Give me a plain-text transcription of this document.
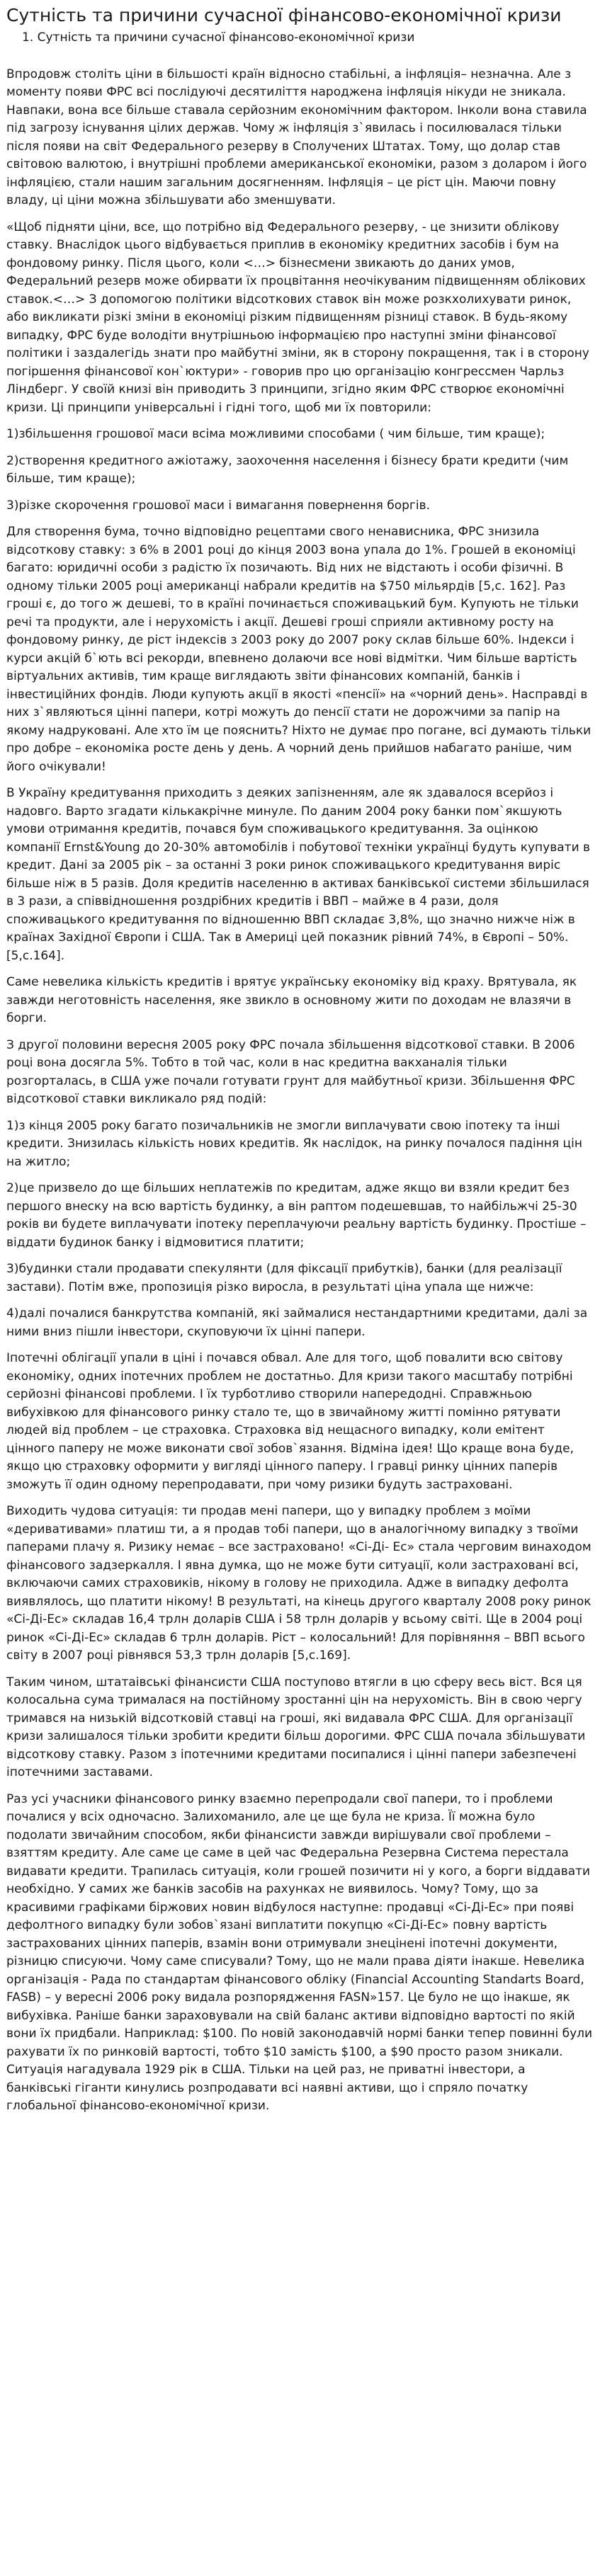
Сутність та причини сучасної фінансово-економічної кризи
1. Сутність та причини сучасної фінансово-економічної кризи

Впродовж століть ціни в більшості країн відносно стабільні, а інфляція– незначна. Але з моменту появи ФРС всі послідуючі десятиліття народжена інфляція нікуди не зникала. Навпаки, вона все більше ставала серйозним економічним фактором. Інколи вона ставила під загрозу існування цілих держав. Чому ж інфляція з`явилась і посилювалася тільки після появи на світ Федерального резерву в Сполучених Штатах. Тому, що долар став світовою валютою, і внутрішні проблеми американської економіки, разом з доларом і його інфляцією, стали нашим загальним досягненням. Інфляція – це ріст цін. Маючи повну владу, ці ціни можна збільшувати або зменшувати.

«Щоб підняти ціни, все, що потрібно від Федерального резерву, - це знизити облікову ставку. Внаслідок цього відбувається приплив в економіку кредитних засобів і бум на фондовому ринку. Після цього, коли <…> бізнесмени звикають до даних умов, Федеральний резерв може обирвати їх процвітання неочікуваним підвищенням облікових ставок.<…> З допомогою політики відсоткових ставок він може розкхолихувати ринок, або викликати різкі зміни в економіці різким підвищенням різниці ставок. В будь-якому випадку, ФРС буде володіти внутрішньою інформацією про наступні зміни фінансової політики і заздалегідь знати про майбутні зміни, як в сторону покращення, так і в сторону погіршення фінансової кон`юктури» - говорив про цю організацію конгрессмен Чарльз Ліндберг. У своїй книзі він приводить 3 принципи, згідно яким ФРС створює економічні кризи. Ці принципи універсальні і гідні того, щоб ми їх повторили:

1)збільшення грошової маси всіма можливими способами ( чим більше, тим краще);

2)створення кредитного ажіотажу, заохочення населення і бізнесу брати кредити (чим більше, тим краще);

3)різке скорочення грошової маси і вимагання повернення боргів.

Для створення бума, точно відповідно рецептами свого ненависника, ФРС знизила відсоткову ставку: з 6% в 2001 році до кінця 2003 вона упала до 1%. Грошей в економіці багато: юридичні особи з радістю їх позичають. Від них не відстають і особи фізичні. В одному тільки 2005 році американці набрали кредитів на $750 мільярдів [5,с. 162]. Раз гроші є, до того ж дешеві, то в країні починається споживацький бум. Купують не тільки речі та продукти, але і нерухомість і акції. Дешеві гроші сприяли активному росту на фондовому ринку, де ріст індексів з 2003 року до 2007 року склав більше 60%. Індекси і курси акцій б`ють всі рекорди, впевнено долаючи все нові відмітки. Чим більше вартість віртуальних активів, тим краще виглядають звіти фінансових компаній, банків і інвестиційних фондів. Люди купують акції в якості «пенсії» на «чорний день». Насправді в них з`являються цінні папери, котрі можуть до пенсії стати не дорожчими за папір на якому надруковані. Але хто їм це пояснить? Ніхто не думає про погане, всі думають тільки про добре – економіка росте день у день. А чорний день прийшов набагато раніше, чим його очікували!

В Україну кредитування приходить з деяких запізненням, але як здавалося всерйоз і надовго. Варто згадати кількакрічне минуле. По даним 2004 року банки пом`якшують умови отримання кредитів, почався бум споживацького кредитування. За оцінкою компанії Ernst&Young до 20-30% автомобілів і побутової техніки українці будуть купувати в кредит. Дані за 2005 рік – за останні 3 роки ринок споживацького кредитування виріс більше ніж в 5 разів. Доля кредитів населенню в активах банківської системи збільшилася в 3 рази, а співвідношення роздрібних кредитів і ВВП – майже в 4 рази, доля споживацького кредитування по відношенню ВВП складає 3,8%, що значно нижче ніж в країнах Західної Європи і США. Так в Америці цей показник рівний 74%, в Європі – 50%. [5,с.164].

Саме невелика кількість кредитів і врятує українську економіку від краху. Врятувала, як завжди неготовність населення, яке звикло в основному жити по доходам не влазячи в борги.

З другої половини вересня 2005 року ФРС почала збільшення відсоткової ставки. В 2006 році вона досягла 5%. Тобто в той час, коли в нас кредитна вакханалія тільки розгорталась, в США уже почали готувати грунт для майбутньої кризи. Збільшення ФРС відсоткової ставки викликало ряд подій:

1)з кінця 2005 року багато позичальників не змогли виплачувати свою іпотеку та інші кредити. Знизилась кількість нових кредитів. Як наслідок, на ринку почалося падіння цін на житло;

2)це призвело до ще більших неплатежів по кредитам, адже якщо ви взяли кредит без першого внеску на всю вартість будинку, а він раптом подешевшав, то найбільжчі 25-30 років ви будете виплачувати іпотеку переплачуючи реальну вартість будинку. Простіше – віддати будинок банку і відмовитися платити;

3)будинки стали продавати спекулянти (для фіксації прибутків), банки (для реалізації застави). Потім вже, пропозиція різко виросла, в результаті ціна упала ще нижче:

4)далі почалися банкрутства компаній, які займалися нестандартними кредитами, далі за ними вниз пішли інвестори, скуповуючи їх цінні папери.

Іпотечні облігації упали в ціні і почався обвал. Але для того, щоб повалити всю світову економіку, одних іпотечних проблем не достатньо. Для кризи такого масштабу потрібні серйозні фінансові проблеми. І їх турботливо створили напередодні. Справжньою вибухівкою для фінансового ринку стало те, що в звичайному житті помінно рятувати людей від проблем – це страховка. Страховка від нещасного випадку, коли емітент цінного паперу не може виконати свої зобов`язання. Відміна ідея! Що краще вона буде, якщо цю страховку оформити у вигляді цінного паперу. І гравці ринку цінних паперів зможуть її один одному перепродавати, при чому ризики будуть застраховані.

Виходить чудова ситуація: ти продав мені папери, що у випадку проблем з моїми «деривативами» платиш ти, а я продав тобі папери, що в аналогічному випадку з твоїми паперами плачу я. Ризику немає – все застраховано! «Сі-Ді- Ес» стала черговим винаходом фінансового задзеркалля. І явна думка, що не може бути ситуації, коли застраховані всі, включаючи самих страховиків, нікому в голову не приходила. Адже в випадку дефолта виявлялось, що платити нікому! В результаті, на кінець другого кварталу 2008 року ринок «Сі-Ді-Ес» складав 16,4 трлн доларів США і 58 трлн доларів у всьому світі. Ще в 2004 році ринок «Сі-Ді-Ес» складав 6 трлн доларів. Ріст – колосальний! Для порівняння – ВВП всього світу в 2007 році рівнявся 53,3 трлн доларів [5,с.169].

Таким чином, штатаівські фінансисти США поступово втягли в цю сферу весь віст. Вся ця колосальна сума трималася на постійному зростанні цін на нерухомість. Він в свою чергу тримався на низькій відсотковій ставці на гроші, які видавала ФРС США. Для організації кризи залишалося тільки зробити кредити більш дорогими. ФРС США почала збільшувати відсоткову ставку. Разом з іпотечними кредитами посипалися і цінні папери забезпечені іпотечними заставами.

Раз усі учасники фінансового ринку взаємно перепродали свої папери, то і проблеми почалися у всіх одночасно. Залихоманило, але це ще була не криза. Її можна було подолати звичайним способом, якби фінансисти завжди вирішували свої проблеми – взяттям кредиту. Але саме це саме в цей час Федеральна Резервна Система перестала видавати кредити. Трапилась ситуація, коли грошей позичити ні у кого, а борги віддавати необхідно. У самих же банків засобів на рахунках не виявилось. Чому? Тому, що за красивими графіками біржових новин відбулося наступне: продавці «Сі-Ді-Ес» при появі дефолтного випадку були зобов`язані виплатити покупцю «Сі-Ді-Ес» повну вартість застрахованих цінних паперів, взамін вони отримували знецінені іпотечні документи, різницю списуючи. Чому саме списували? Тому, що не мали права діяти інакше. Невелика організація - Рада по стандартам фінансового обліку (Financial Accounting Standarts Board, FASB) – у вересні 2006 року видала розпорядження FASN»157. Це було не що інакше, як вибухівка. Раніше банки зараховували на свій баланс активи відповідно вартості по якій вони їх придбали. Наприклад: $100. По новій законодавчій нормі банки тепер повинні були рахувати їх по ринковій вартості, тобто $10 замість $100, а $90 просто разом зникали. Ситуація нагадувала 1929 рік в США. Тільки на цей раз, не приватні інвестори, а банківські гіганти кинулись розпродавати всі наявні активи, що і спряло початку глобальної фінансово-економічної кризи.
